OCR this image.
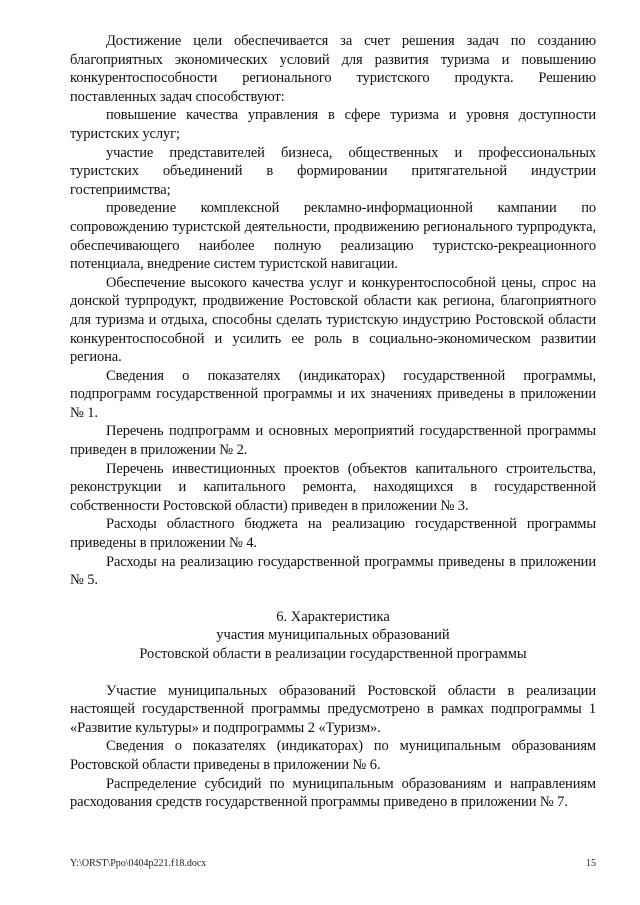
Достижение цели обеспечивается за счет решения задач по созданию благоприятных экономических условий для развития туризма и повышению конкурентоспособности регионального туристского продукта. Решению поставленных задач способствуют:

повышение качества управления в сфере туризма и уровня доступности туристских услуг;

участие представителей бизнеса, общественных и профессиональных туристских объединений в формировании притягательной индустрии гостеприимства;

проведение комплексной рекламно-информационной кампании по сопровождению туристской деятельности, продвижению регионального турпродукта, обеспечивающего наиболее полную реализацию туристско-рекреационного потенциала, внедрение систем туристской навигации.

Обеспечение высокого качества услуг и конкурентоспособной цены, спрос на донской турпродукт, продвижение Ростовской области как региона, благоприятного для туризма и отдыха, способны сделать туристскую индустрию Ростовской области конкурентоспособной и усилить ее роль в социально-экономическом развитии региона.

Сведения о показателях (индикаторах) государственной программы, подпрограмм государственной программы и их значениях приведены в приложении № 1.

Перечень подпрограмм и основных мероприятий государственной программы приведен в приложении № 2.

Перечень инвестиционных проектов (объектов капитального строительства, реконструкции и капитального ремонта, находящихся в государственной собственности Ростовской области) приведен в приложении № 3.

Расходы областного бюджета на реализацию государственной программы приведены в приложении № 4.

Расходы на реализацию государственной программы приведены в приложении № 5.

6. Характеристика

участия муниципальных образований

Ростовской области в реализации государственной программы

Участие муниципальных образований Ростовской области в реализации настоящей государственной программы предусмотрено в рамках подпрограммы 1 «Развитие культуры» и подпрограммы 2 «Туризм».

Сведения о показателях (индикаторах) по муниципальным образованиям Ростовской области приведены в приложении № 6.

Распределение субсидий по муниципальным образованиям и направлениям расходования средств государственной программы приведено в приложении № 7.

Y:\ORST\Ppo\0404p221.f18.docx	15
